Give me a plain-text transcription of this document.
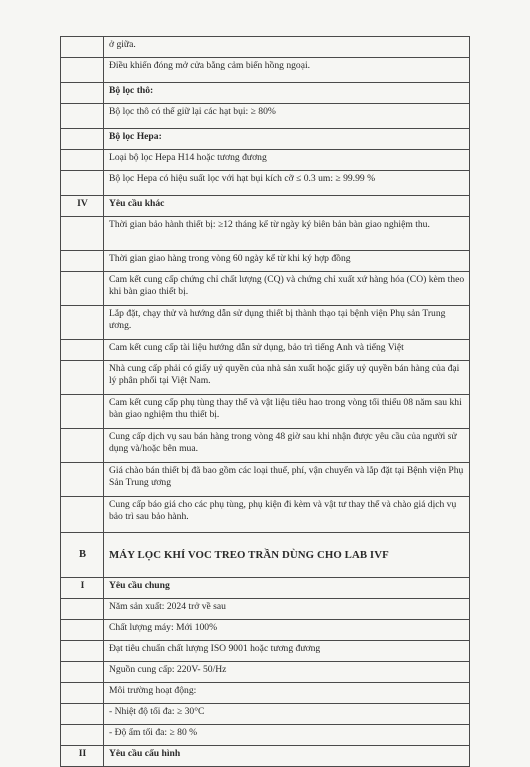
	ở giữa.
	Điều khiển đóng mở cửa bằng cảm biến hồng ngoại.
	Bộ lọc thô:
	Bộ lọc thô có thể giữ lại các hạt bụi: ≥ 80%
	Bộ lọc Hepa:
	Loại bộ lọc Hepa H14 hoặc tương đương
	Bộ lọc Hepa có hiệu suất lọc với hạt bụi kích cỡ ≤ 0.3 um: ≥ 99.99 %
IV	Yêu cầu khác
	Thời gian bảo hành thiết bị: ≥12 tháng kể từ ngày ký biên bản bàn giao nghiệm thu.
	Thời gian giao hàng trong vòng 60 ngày kể từ khi ký hợp đồng
	Cam kết cung cấp chứng chỉ chất lượng (CQ) và chứng chỉ xuất xứ hàng hóa (CO) kèm theo khi bàn giao thiết bị.
	Lắp đặt, chạy thử và hướng dẫn sử dụng thiết bị thành thạo tại bệnh viện Phụ sản Trung ương.
	Cam kết cung cấp tài liệu hướng dẫn sử dụng, bảo trì tiếng Anh và tiếng Việt
	Nhà cung cấp phải có giấy uỷ quyền của nhà sản xuất hoặc giấy uỷ quyền bán hàng của đại lý phân phối tại Việt Nam.
	Cam kết cung cấp phụ tùng thay thế và vật liệu tiêu hao trong vòng tối thiểu 08 năm sau khi bàn giao nghiệm thu thiết bị.
	Cung cấp dịch vụ sau bán hàng trong vòng 48 giờ sau khi nhận được yêu cầu của người sử dụng và/hoặc bên mua.
	Giá chào bán thiết bị đã bao gồm các loại thuế, phí, vận chuyển và lắp đặt tại Bệnh viện Phụ Sản Trung ương
	Cung cấp báo giá cho các phụ tùng, phụ kiện đi kèm và vật tư thay thế và chào giá dịch vụ bảo trì sau bảo hành.
B	MÁY LỌC KHÍ VOC TREO TRẦN DÙNG CHO LAB IVF
I	Yêu cầu chung
	Năm sản xuất: 2024 trở về sau
	Chất lượng máy: Mới 100%
	Đạt tiêu chuẩn chất lượng ISO 9001 hoặc tương đương
	Nguồn cung cấp: 220V- 50/Hz
	Môi trường hoạt động:
	- Nhiệt độ tối đa: ≥ 30°C
	- Độ ẩm tối đa: ≥ 80 %
II	Yêu cầu cấu hình
